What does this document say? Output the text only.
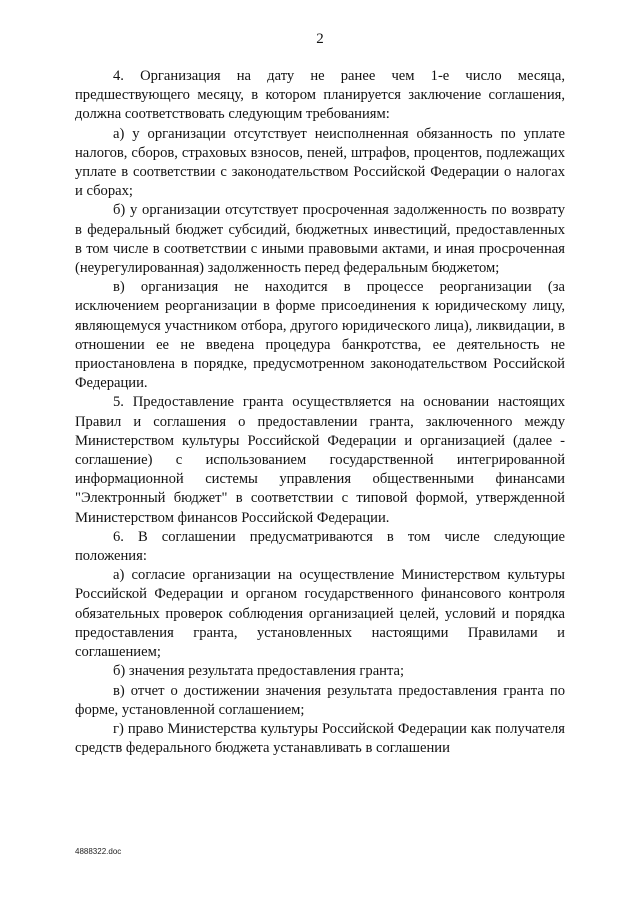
2

4. Организация на дату не ранее чем 1-е число месяца, предшествующего месяцу, в котором планируется заключение соглашения, должна соответствовать следующим требованиям:

а) у организации отсутствует неисполненная обязанность по уплате налогов, сборов, страховых взносов, пеней, штрафов, процентов, подлежащих уплате в соответствии с законодательством Российской Федерации о налогах и сборах;

б) у организации отсутствует просроченная задолженность по возврату в федеральный бюджет субсидий, бюджетных инвестиций, предоставленных в том числе в соответствии с иными правовыми актами, и иная просроченная (неурегулированная) задолженность перед федеральным бюджетом;

в) организация не находится в процессе реорганизации (за исключением реорганизации в форме присоединения к юридическому лицу, являющемуся участником отбора, другого юридического лица), ликвидации, в отношении ее не введена процедура банкротства, ее деятельность не приостановлена в порядке, предусмотренном законодательством Российской Федерации.

5. Предоставление гранта осуществляется на основании настоящих Правил и соглашения о предоставлении гранта, заключенного между Министерством культуры Российской Федерации и организацией (далее - соглашение) с использованием государственной интегрированной информационной системы управления общественными финансами "Электронный бюджет" в соответствии с типовой формой, утвержденной Министерством финансов Российской Федерации.

6. В соглашении предусматриваются в том числе следующие положения:

а) согласие организации на осуществление Министерством культуры Российской Федерации и органом государственного финансового контроля обязательных проверок соблюдения организацией целей, условий и порядка предоставления гранта, установленных настоящими Правилами и соглашением;

б) значения результата предоставления гранта;

в) отчет о достижении значения результата предоставления гранта по форме, установленной соглашением;

г) право Министерства культуры Российской Федерации как получателя средств федерального бюджета устанавливать в соглашении

4888322.doc
